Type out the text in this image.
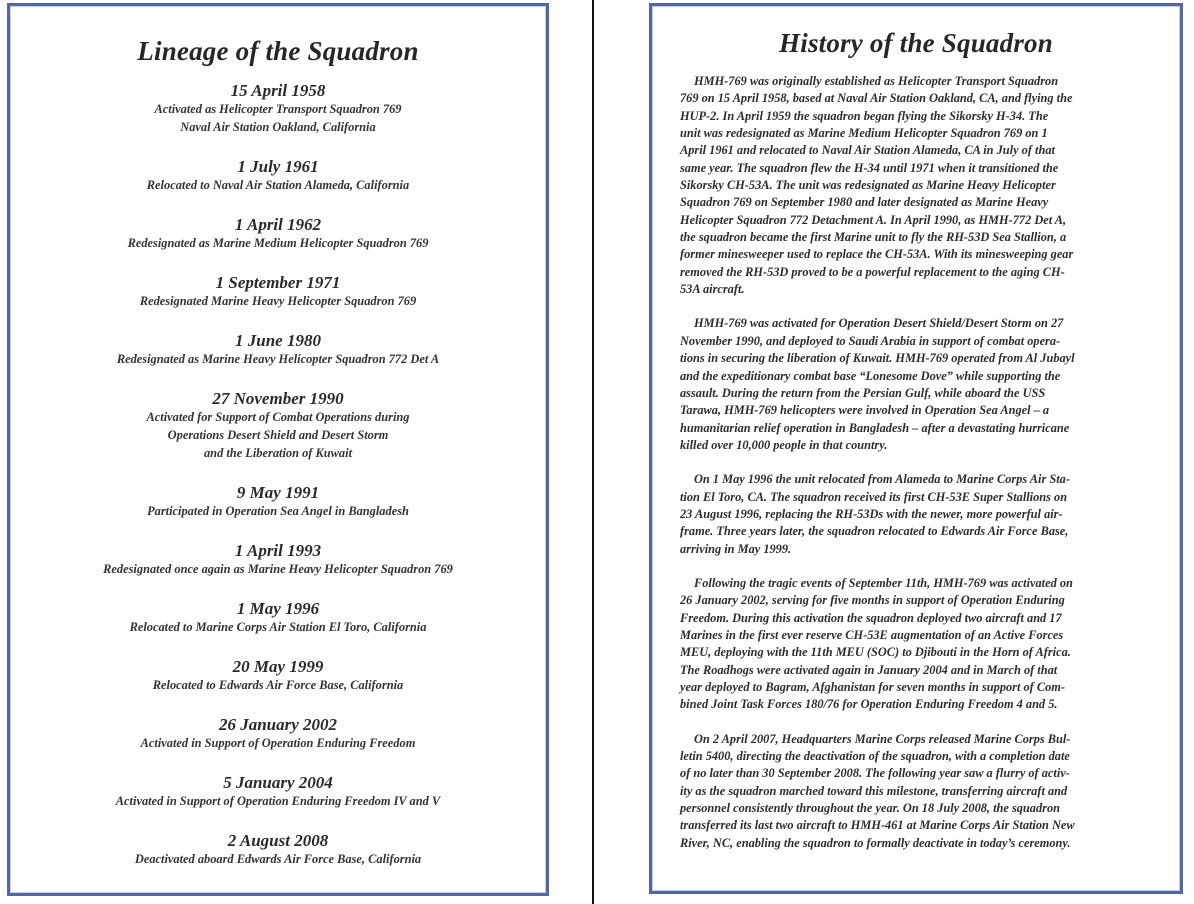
Lineage of the Squadron
15 April 1958
Activated as Helicopter Transport Squadron 769
Naval Air Station Oakland, California
1 July 1961
Relocated to Naval Air Station Alameda, California
1 April 1962
Redesignated as Marine Medium Helicopter Squadron 769
1 September 1971
Redesignated Marine Heavy Helicopter Squadron 769
1 June 1980
Redesignated as Marine Heavy Helicopter Squadron 772 Det A
27 November 1990
Activated for Support of Combat Operations during
Operations Desert Shield and Desert Storm
and the Liberation of Kuwait
9 May 1991
Participated in Operation Sea Angel in Bangladesh
1 April 1993
Redesignated once again as Marine Heavy Helicopter Squadron 769
1 May 1996
Relocated to Marine Corps Air Station El Toro, California
20 May 1999
Relocated to Edwards Air Force Base, California
26 January 2002
Activated in Support of Operation Enduring Freedom
5 January 2004
Activated in Support of Operation Enduring Freedom IV and V
2 August 2008
Deactivated aboard Edwards Air Force Base, California
History of the Squadron

HMH-769 was originally established as Helicopter Transport Squadron
769 on 15 April 1958, based at Naval Air Station Oakland, CA, and flying the
HUP-2. In April 1959 the squadron began flying the Sikorsky H-34. The
unit was redesignated as Marine Medium Helicopter Squadron 769 on 1
April 1961 and relocated to Naval Air Station Alameda, CA in July of that
same year. The squadron flew the H-34 until 1971 when it transitioned the
Sikorsky CH-53A. The unit was redesignated as Marine Heavy Helicopter
Squadron 769 on September 1980 and later designated as Marine Heavy
Helicopter Squadron 772 Detachment A. In April 1990, as HMH-772 Det A,
the squadron became the first Marine unit to fly the RH-53D Sea Stallion, a
former minesweeper used to replace the CH-53A. With its minesweeping gear
removed the RH-53D proved to be a powerful replacement to the aging CH-
53A aircraft.

HMH-769 was activated for Operation Desert Shield/Desert Storm on 27
November 1990, and deployed to Saudi Arabia in support of combat opera-
tions in securing the liberation of Kuwait. HMH-769 operated from Al Jubayl
and the expeditionary combat base “Lonesome Dove” while supporting the
assault. During the return from the Persian Gulf, while aboard the USS
Tarawa, HMH-769 helicopters were involved in Operation Sea Angel – a
humanitarian relief operation in Bangladesh – after a devastating hurricane
killed over 10,000 people in that country.

On 1 May 1996 the unit relocated from Alameda to Marine Corps Air Sta-
tion El Toro, CA. The squadron received its first CH-53E Super Stallions on
23 August 1996, replacing the RH-53Ds with the newer, more powerful air-
frame. Three years later, the squadron relocated to Edwards Air Force Base,
arriving in May 1999.

Following the tragic events of September 11th, HMH-769 was activated on
26 January 2002, serving for five months in support of Operation Enduring
Freedom. During this activation the squadron deployed two aircraft and 17
Marines in the first ever reserve CH-53E augmentation of an Active Forces
MEU, deploying with the 11th MEU (SOC) to Djibouti in the Horn of Africa.
The Roadhogs were activated again in January 2004 and in March of that
year deployed to Bagram, Afghanistan for seven months in support of Com-
bined Joint Task Forces 180/76 for Operation Enduring Freedom 4 and 5.

On 2 April 2007, Headquarters Marine Corps released Marine Corps Bul-
letin 5400, directing the deactivation of the squadron, with a completion date
of no later than 30 September 2008. The following year saw a flurry of activ-
ity as the squadron marched toward this milestone, transferring aircraft and
personnel consistently throughout the year. On 18 July 2008, the squadron
transferred its last two aircraft to HMH-461 at Marine Corps Air Station New
River, NC, enabling the squadron to formally deactivate in today’s ceremony.
